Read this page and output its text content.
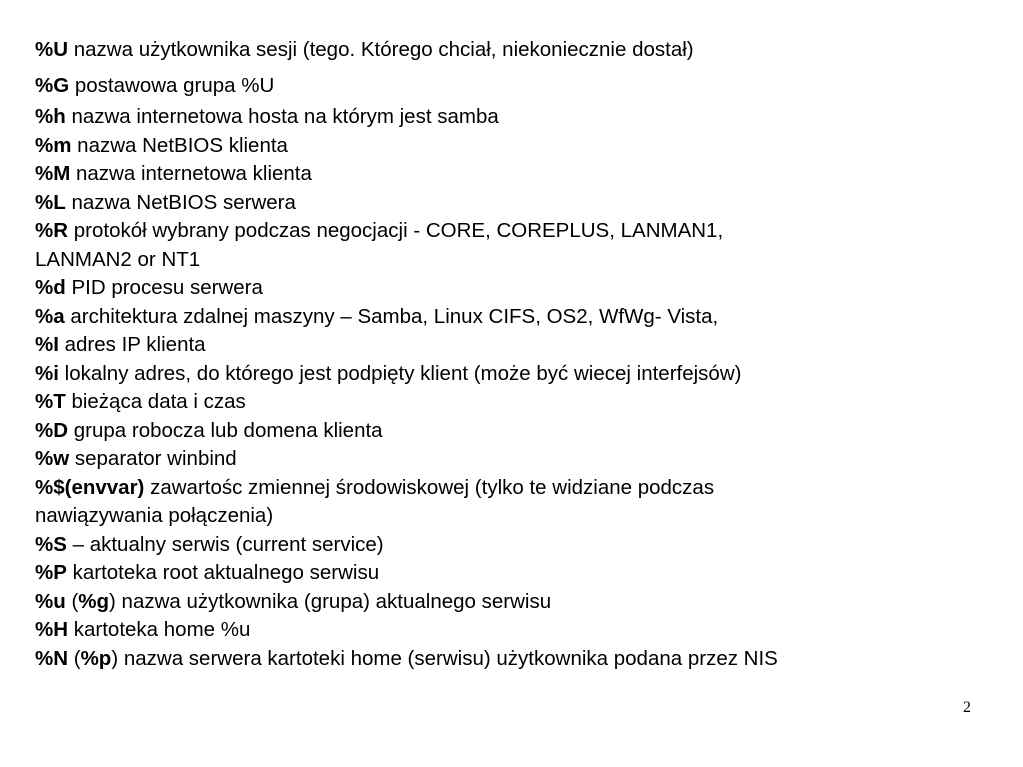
%U nazwa użytkownika sesji (tego. Którego chciał, niekoniecznie dostał)

%G postawowa grupa %U

%h nazwa internetowa hosta na którym jest samba

%m nazwa NetBIOS klienta

%M nazwa internetowa klienta

%L nazwa NetBIOS serwera

%R protokół wybrany podczas negocjacji - CORE, COREPLUS, LANMAN1,

LANMAN2 or NT1

%d PID procesu serwera

%a architektura zdalnej maszyny – Samba, Linux CIFS, OS2, WfWg- Vista,

%I adres IP klienta

%i lokalny adres, do którego jest podpięty klient (może być wiecej interfejsów)

%T bieżąca data i czas

%D grupa robocza lub domena klienta

%w separator winbind

%$(envvar) zawartośc zmiennej środowiskowej (tylko te widziane podczas

nawiązywania połączenia)

%S – aktualny serwis (current service)

%P kartoteka root aktualnego serwisu

%u (%g) nazwa użytkownika (grupa) aktualnego serwisu

%H kartoteka home %u

%N (%p) nazwa serwera kartoteki home (serwisu) użytkownika podana przez NIS

2
